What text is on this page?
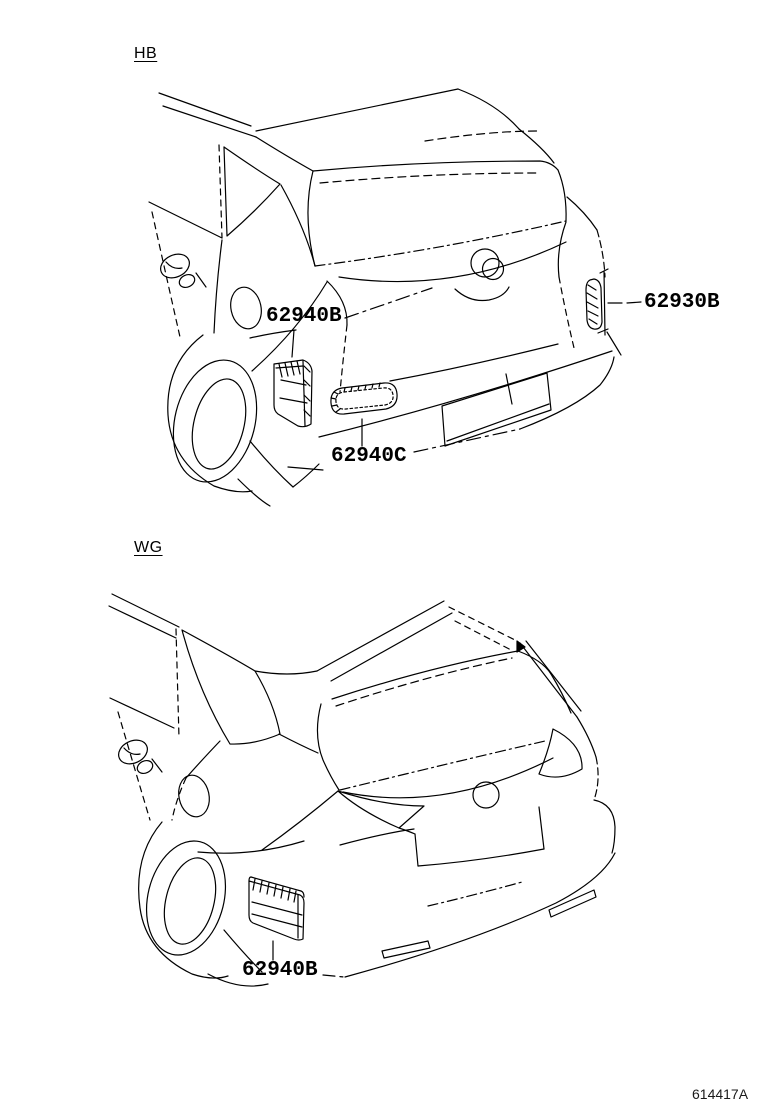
HB
62940B
62930B
62940C
WG
62940B
614417A
